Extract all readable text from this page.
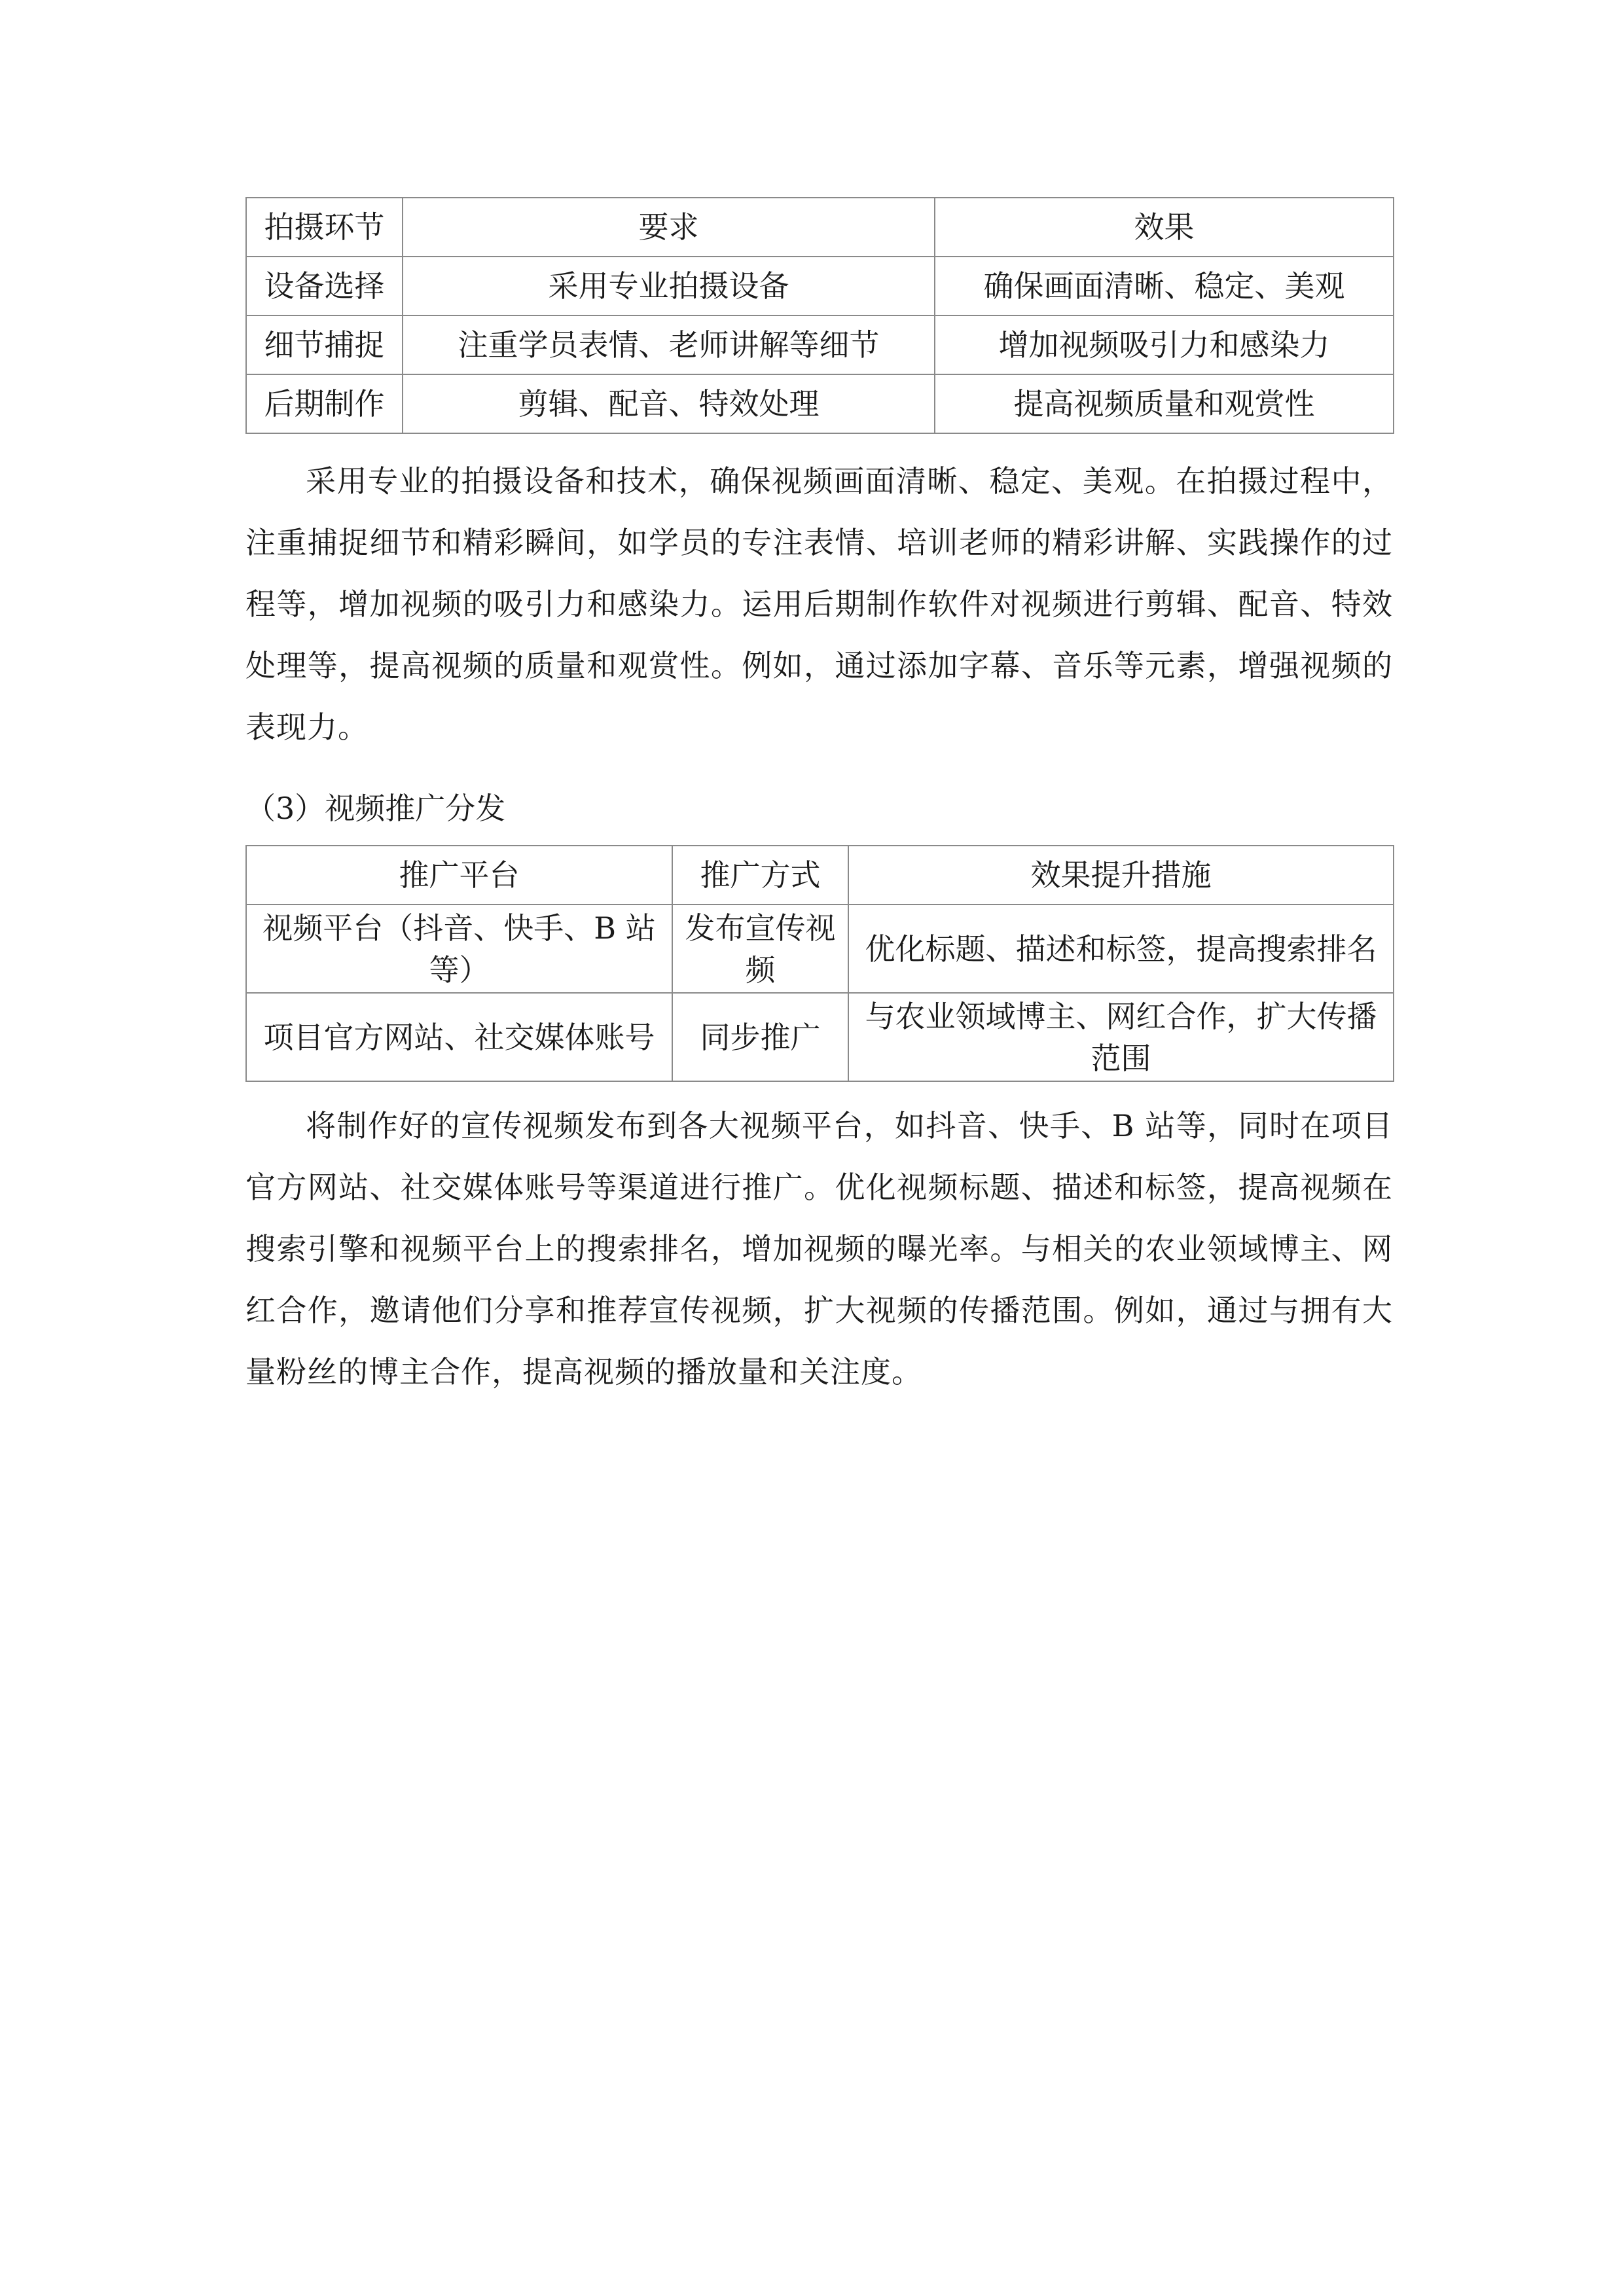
拍摄环节	要求	效果
设备选择	采用专业拍摄设备	确保画面清晰、稳定、美观
细节捕捉	注重学员表情、老师讲解等细节	增加视频吸引力和感染力
后期制作	剪辑、配音、特效处理	提高视频质量和观赏性

采用专业的拍摄设备和技术，确保视频画面清晰、稳定、美观。在拍摄过程中，注重捕捉细节和精彩瞬间，如学员的专注表情、培训老师的精彩讲解、实践操作的过程等，增加视频的吸引力和感染力。运用后期制作软件对视频进行剪辑、配音、特效处理等，提高视频的质量和观赏性。例如，通过添加字幕、音乐等元素，增强视频的表现力。

（3）视频推广分发
推广平台	推广方式	效果提升措施
视频平台（抖音、快手、B 站等）	发布宣传视频	优化标题、描述和标签，提高搜索排名
项目官方网站、社交媒体账号	同步推广	与农业领域博主、网红合作，扩大传播范围

将制作好的宣传视频发布到各大视频平台，如抖音、快手、B 站等，同时在项目官方网站、社交媒体账号等渠道进行推广。优化视频标题、描述和标签，提高视频在搜索引擎和视频平台上的搜索排名，增加视频的曝光率。与相关的农业领域博主、网红合作，邀请他们分享和推荐宣传视频，扩大视频的传播范围。例如，通过与拥有大量粉丝的博主合作，提高视频的播放量和关注度。
